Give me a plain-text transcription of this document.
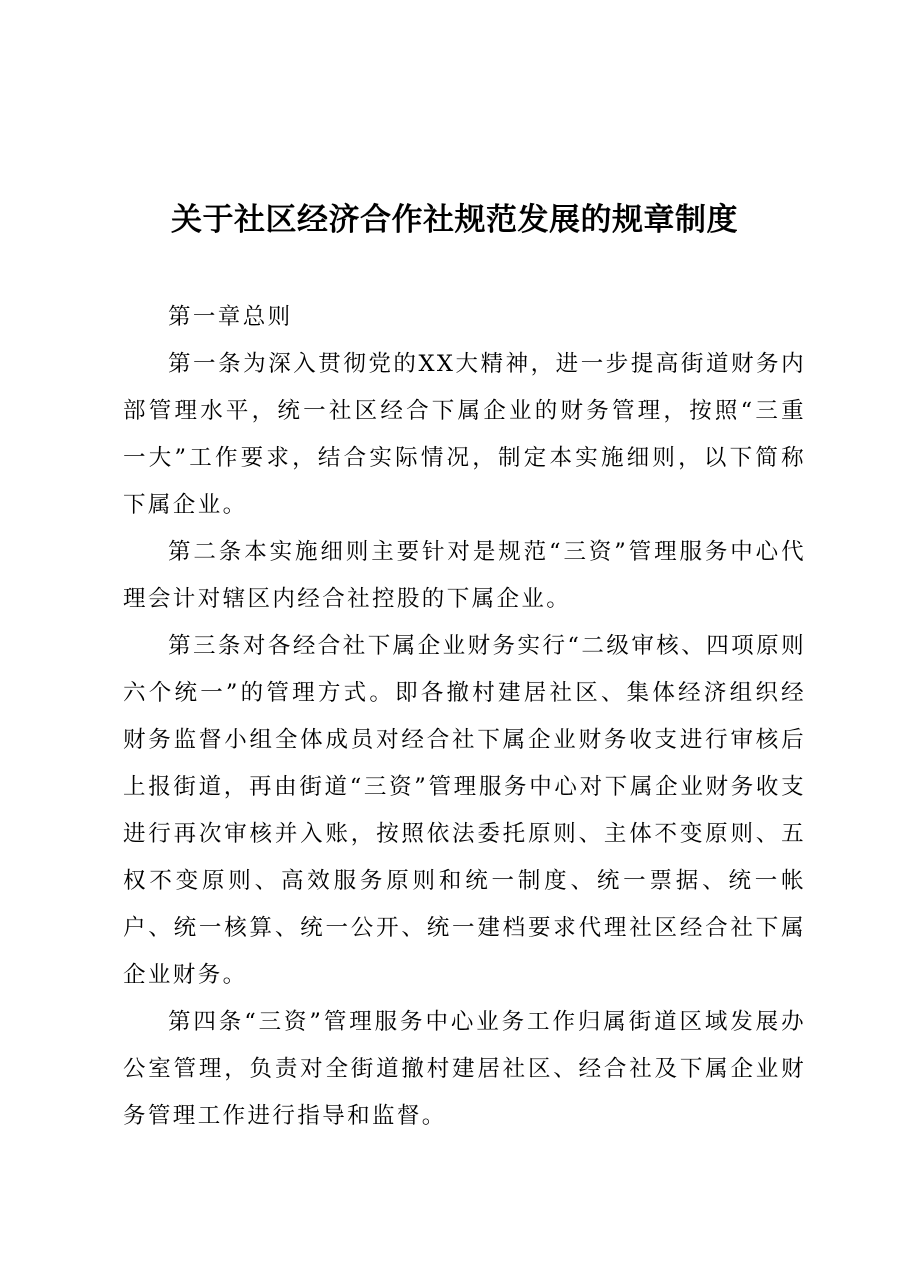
关于社区经济合作社规范发展的规章制度

第一章总则

第一条为深入贯彻党的XX大精神，进一步提高街道财务内部管理水平，统一社区经合下属企业的财务管理，按照“三重一大”工作要求，结合实际情况，制定本实施细则，以下简称下属企业。

第二条本实施细则主要针对是规范“三资”管理服务中心代理会计对辖区内经合社控股的下属企业。

第三条对各经合社下属企业财务实行“二级审核、四项原则六个统一”的管理方式。即各撤村建居社区、集体经济组织经财务监督小组全体成员对经合社下属企业财务收支进行审核后上报街道，再由街道“三资”管理服务中心对下属企业财务收支进行再次审核并入账，按照依法委托原则、主体不变原则、五权不变原则、高效服务原则和统一制度、统一票据、统一帐户、统一核算、统一公开、统一建档要求代理社区经合社下属企业财务。

第四条“三资”管理服务中心业务工作归属街道区域发展办公室管理，负责对全街道撤村建居社区、经合社及下属企业财务管理工作进行指导和监督。
